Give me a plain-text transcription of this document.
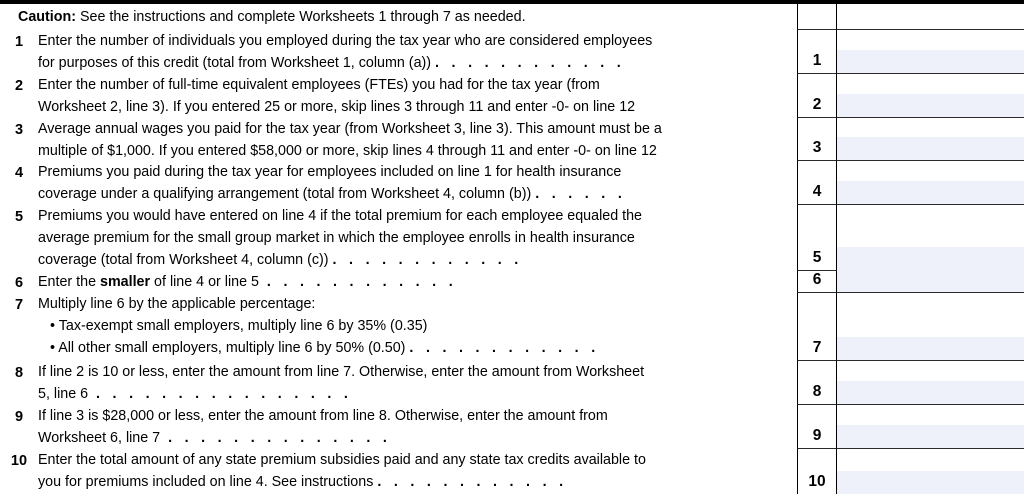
Caution: See the instructions and complete Worksheets 1 through 7 as needed.

1	Enter the number of individuals you employed during the tax year who are considered employees

for purposes of this credit (total from Worksheet 1, column (a)) . . . . . . . . . . . .	1
2	Enter the number of full-time equivalent employees (FTEs) you had for the tax year (from

Worksheet 2, line 3). If you entered 25 or more, skip lines 3 through 11 and enter -0- on line 12	2
3	Average annual wages you paid for the tax year (from Worksheet 3, line 3). This amount must be a

multiple of $1,000. If you entered $58,000 or more, skip lines 4 through 11 and enter -0- on line 12	3
4	Premiums you paid during the tax year for employees included on line 1 for health insurance

coverage under a qualifying arrangement (total from Worksheet 4, column (b)) . . . . . .	4
5	Premiums you would have entered on line 4 if the total premium for each employee equaled the

average premium for the small group market in which the employee enrolls in health insurance

coverage (total from Worksheet 4, column (c)) . . . . . . . . . . . .	5
6	Enter the smaller of line 4 or line 5 . . . . . . . . . . . .	6
7	Multiply line 6 by the applicable percentage:

• Tax-exempt small employers, multiply line 6 by 35% (0.35)

• All other small employers, multiply line 6 by 50% (0.50) . . . . . . . . . . . .	7
8	If line 2 is 10 or less, enter the amount from line 7. Otherwise, enter the amount from Worksheet

5, line 6 . . . . . . . . . . . . . . . .	8
9	If line 3 is $28,000 or less, enter the amount from line 8. Otherwise, enter the amount from

Worksheet 6, line 7 . . . . . . . . . . . . . .	9
10 Enter the total amount of any state premium subsidies paid and any state tax credits available to

you for premiums included on line 4. See instructions . . . . . . . . . . . .	10
